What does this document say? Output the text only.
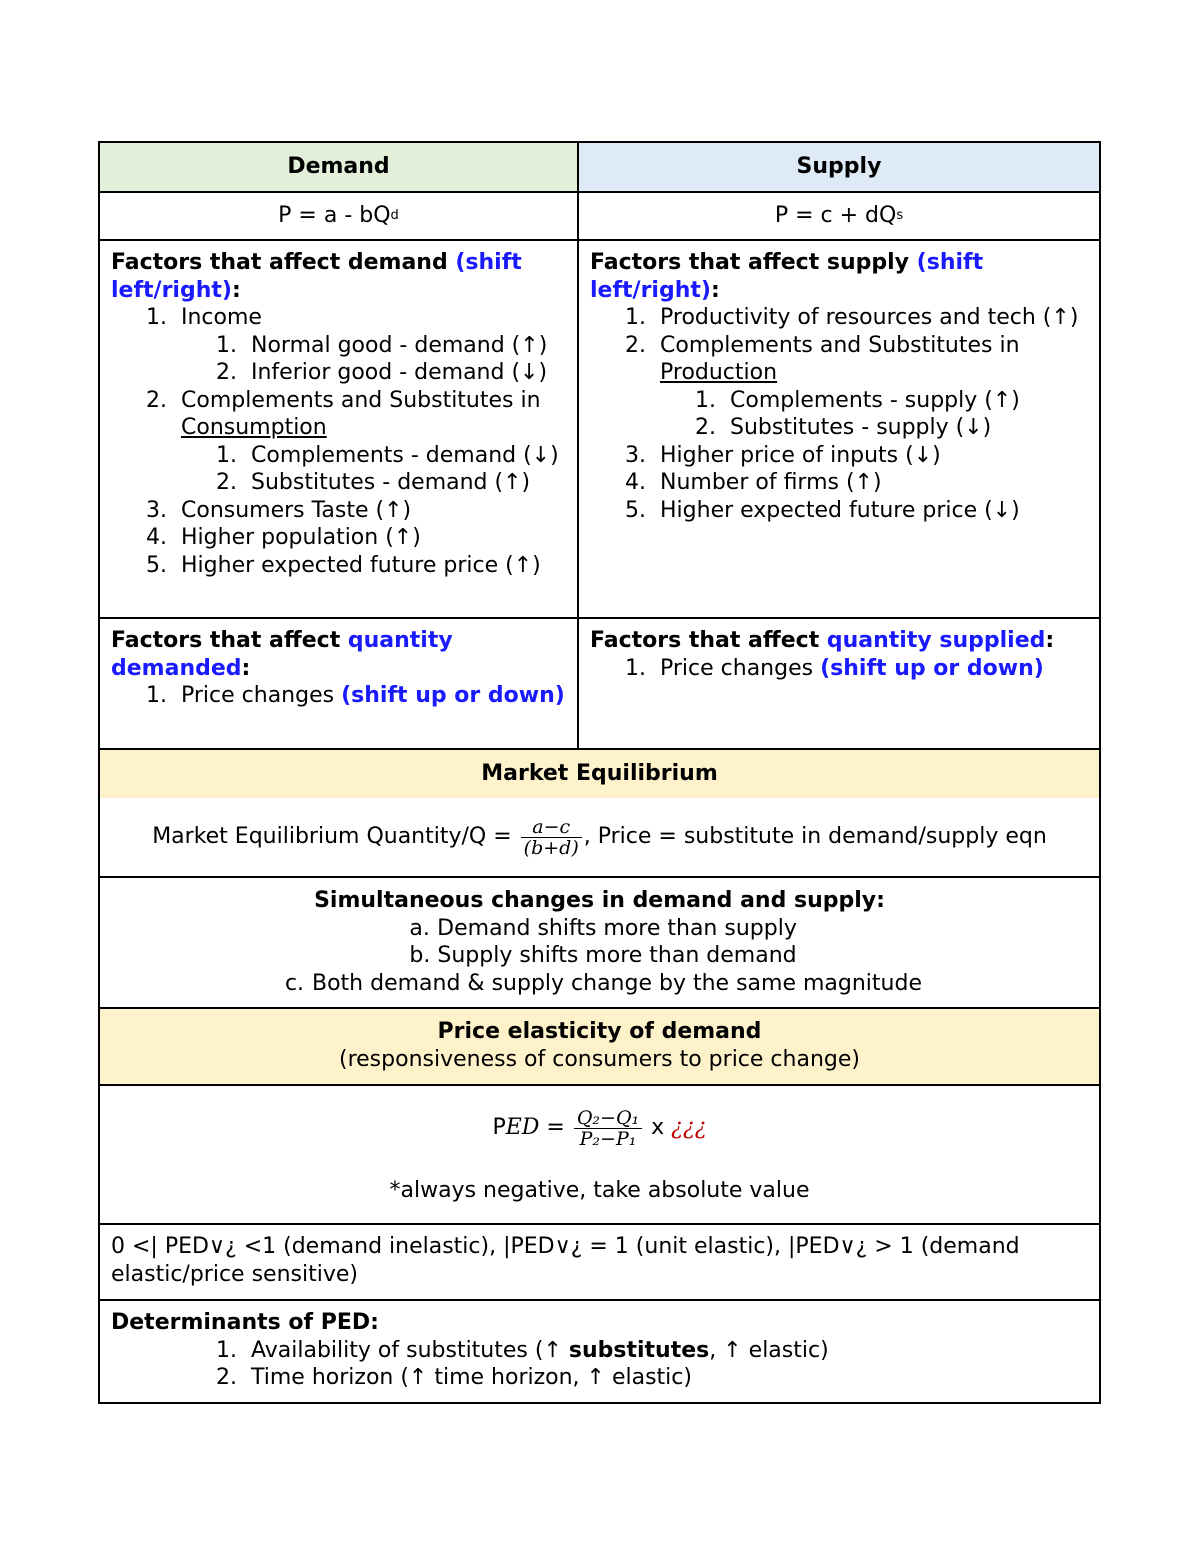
Demand	Supply
P = a - bQ d	P = c + dQ s
Factors that affect demand (shift left/right):
1. Income
1. Normal good - demand (↑)
2. Inferior good - demand (↓)
2. Complements and Substitutes in Consumption
1. Complements - demand (↓)
2. Substitutes - demand (↑)
3. Consumers Taste (↑)
4. Higher population (↑)
5. Higher expected future price (↑)
Factors that affect supply (shift left/right):
1. Productivity of resources and tech (↑)
2. Complements and Substitutes in Production
1. Complements - supply (↑)
2. Substitutes - supply (↓)
3. Higher price of inputs (↓)
4. Number of firms (↑)
5. Higher expected future price (↓)
Factors that affect quantity demanded:
1. Price changes (shift up or down)
Factors that affect quantity supplied:
1. Price changes (shift up or down)
Market Equilibrium
Market Equilibrium Quantity/Q = $\frac{a-c}{(b+d)}$ , Price = substitute in demand/supply eqn
Simultaneous changes in demand and supply:
a. Demand shifts more than supply
b. Supply shifts more than demand
c. Both demand & supply change by the same magnitude
Price elasticity of demand
(responsiveness of consumers to price change)
P ED = $\frac{\text{Q₂−Q₁}}{\text{P₂−P₁}}$ x ¿¿¿
*always negative, take absolute value
0 <| PED∨¿ <1 (demand inelastic), |PED∨¿ = 1 (unit elastic), |PED∨¿ > 1 (demand elastic/price sensitive)
Determinants of PED:
1. Availability of substitutes (↑ substitutes, ↑ elastic)
2. Time horizon (↑ time horizon, ↑ elastic)
